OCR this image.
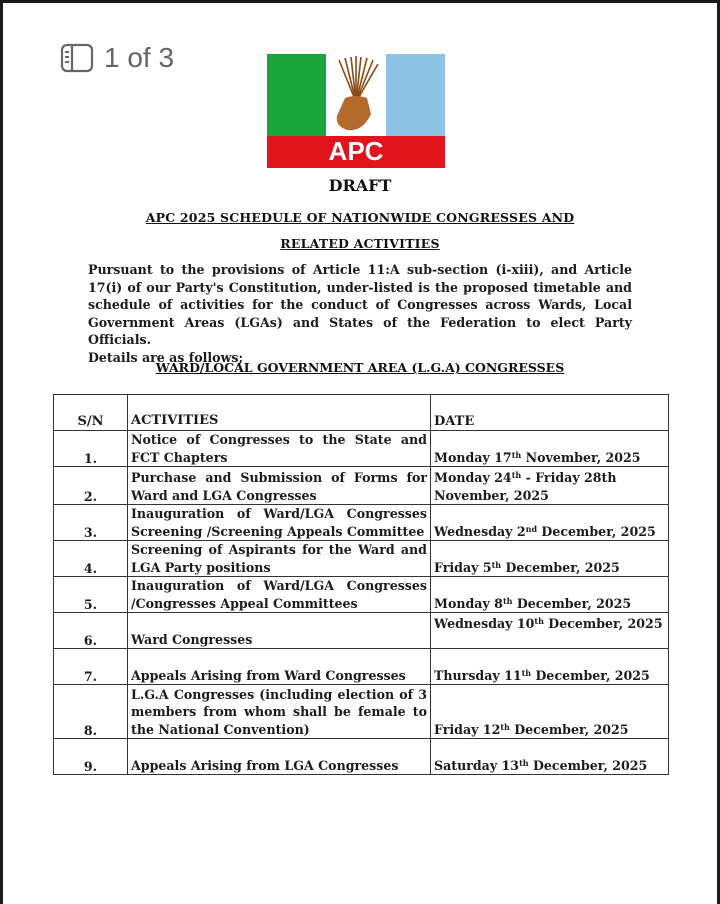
1 of 3
APC
DRAFT
APC 2025 SCHEDULE OF NATIONWIDE CONGRESSES AND
RELATED ACTIVITIES
Pursuant to the provisions of Article 11:A sub-section (i-xiii), and Article 17(i) of our Party's Constitution, under-listed is the proposed timetable and schedule of activities for the conduct of Congresses across Wards, Local Government Areas (LGAs) and States of the Federation to elect Party Officials.
Details are as follows;
WARD/LOCAL GOVERNMENT AREA (L.G.A) CONGRESSES
S/N	ACTIVITIES	DATE
1.	Notice of Congresses to the State and FCT Chapters	Monday 17th November, 2025
2.	Purchase and Submission of Forms for Ward and LGA Congresses	Monday 24th - Friday 28th November, 2025
3.	Inauguration of Ward/LGA Congresses Screening /Screening Appeals Committee	Wednesday 2nd December, 2025
4.	Screening of Aspirants for the Ward and LGA Party positions	Friday 5th December, 2025
5.	Inauguration of Ward/LGA Congresses /Congresses Appeal Committees	Monday 8th December, 2025
6.	Ward Congresses	Wednesday 10th December, 2025
7.	Appeals Arising from Ward Congresses	Thursday 11th December, 2025
8.	L.G.A Congresses (including election of 3 members from whom shall be female to the National Convention)	Friday 12th December, 2025
9.	Appeals Arising from LGA Congresses	Saturday 13th December, 2025
